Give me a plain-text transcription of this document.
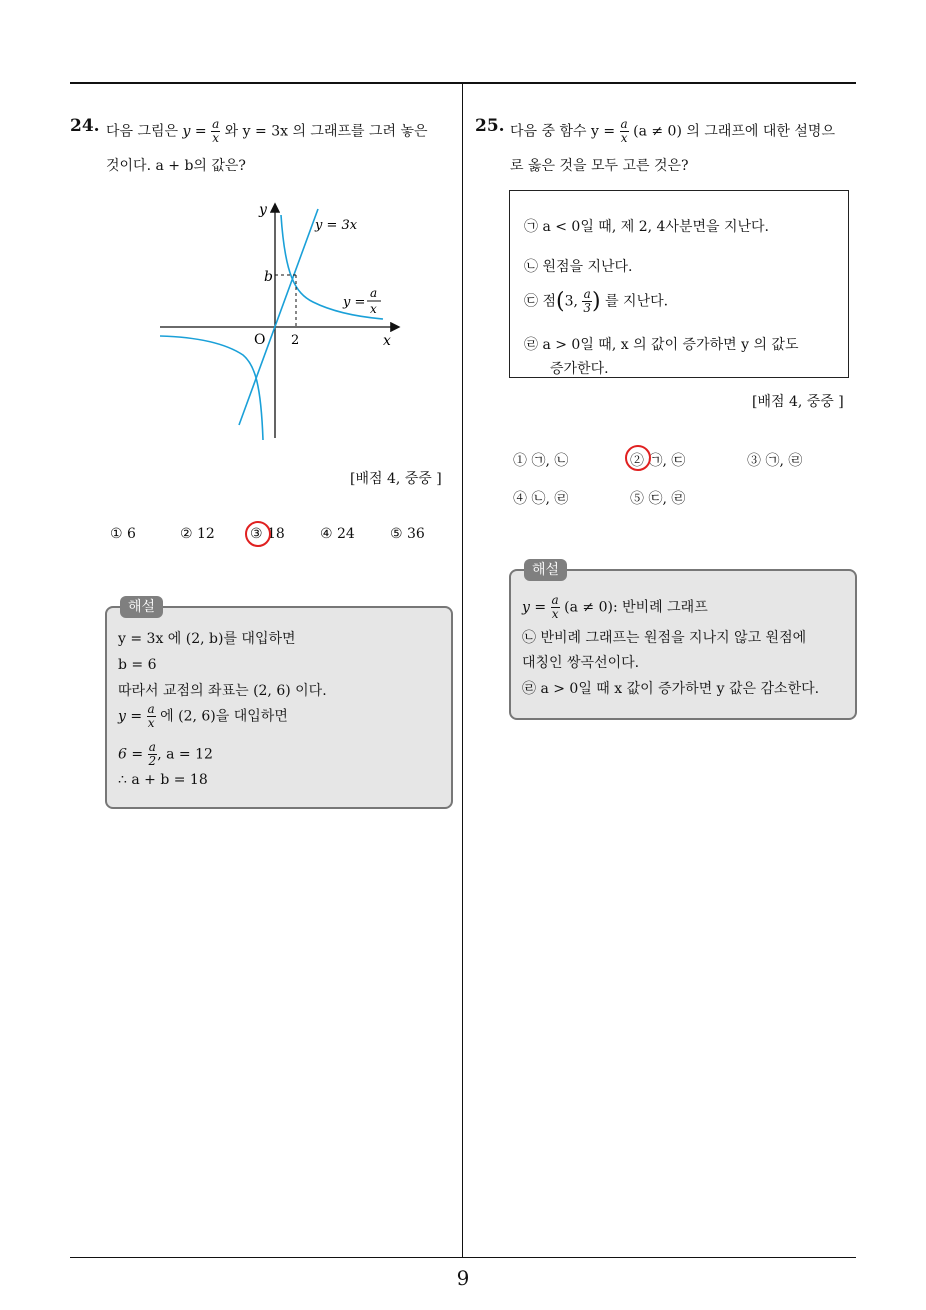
9
24. 다음 그림은 $y = \frac{a}{x}$ 와 y = 3x 의 그래프를 그려 놓은
것이다. a + b의 값은?
y
x
O 2
b
y = 3x
y =
a
x
[배점 4, 중중 ]
① 6	② 12	③ 18	④ 24	⑤ 36
해설
y = 3x 에 (2, b)를 대입하면
b = 6
따라서 교점의 좌표는 (2, 6) 이다.
$y = \frac{a}{x}$ 에 (2, 6)을 대입하면
$6 = \frac{a}{2}$ , a = 12
∴ a + b = 18
25. 다음 중 함수 $y = \frac{a}{x} (a \ne 0)$ 의 그래프에 대한 설명으
로 옳은 것을 모두 고른 것은?
㉠ a < 0일 때, 제 2, 4사분면을 지난다.
㉡ 원점을 지난다.
㉢ 점(3, $\frac{a}{3}$ ) 를 지난다.
㉣ a > 0일 때, x 의 값이 증가하면 y 의 값도
증가한다.
[배점 4, 중중 ]
① ㉠, ㉡	② ㉠, ㉢	③ ㉠, ㉣
④ ㉡, ㉣	⑤ ㉢, ㉣
해설
$y = \frac{a}{x} (a \ne 0)$: 반비례 그래프
㉡ 반비례 그래프는 원점을 지나지 않고 원점에
대칭인 쌍곡선이다.
㉣ a > 0일 때 x 값이 증가하면 y 값은 감소한다.
